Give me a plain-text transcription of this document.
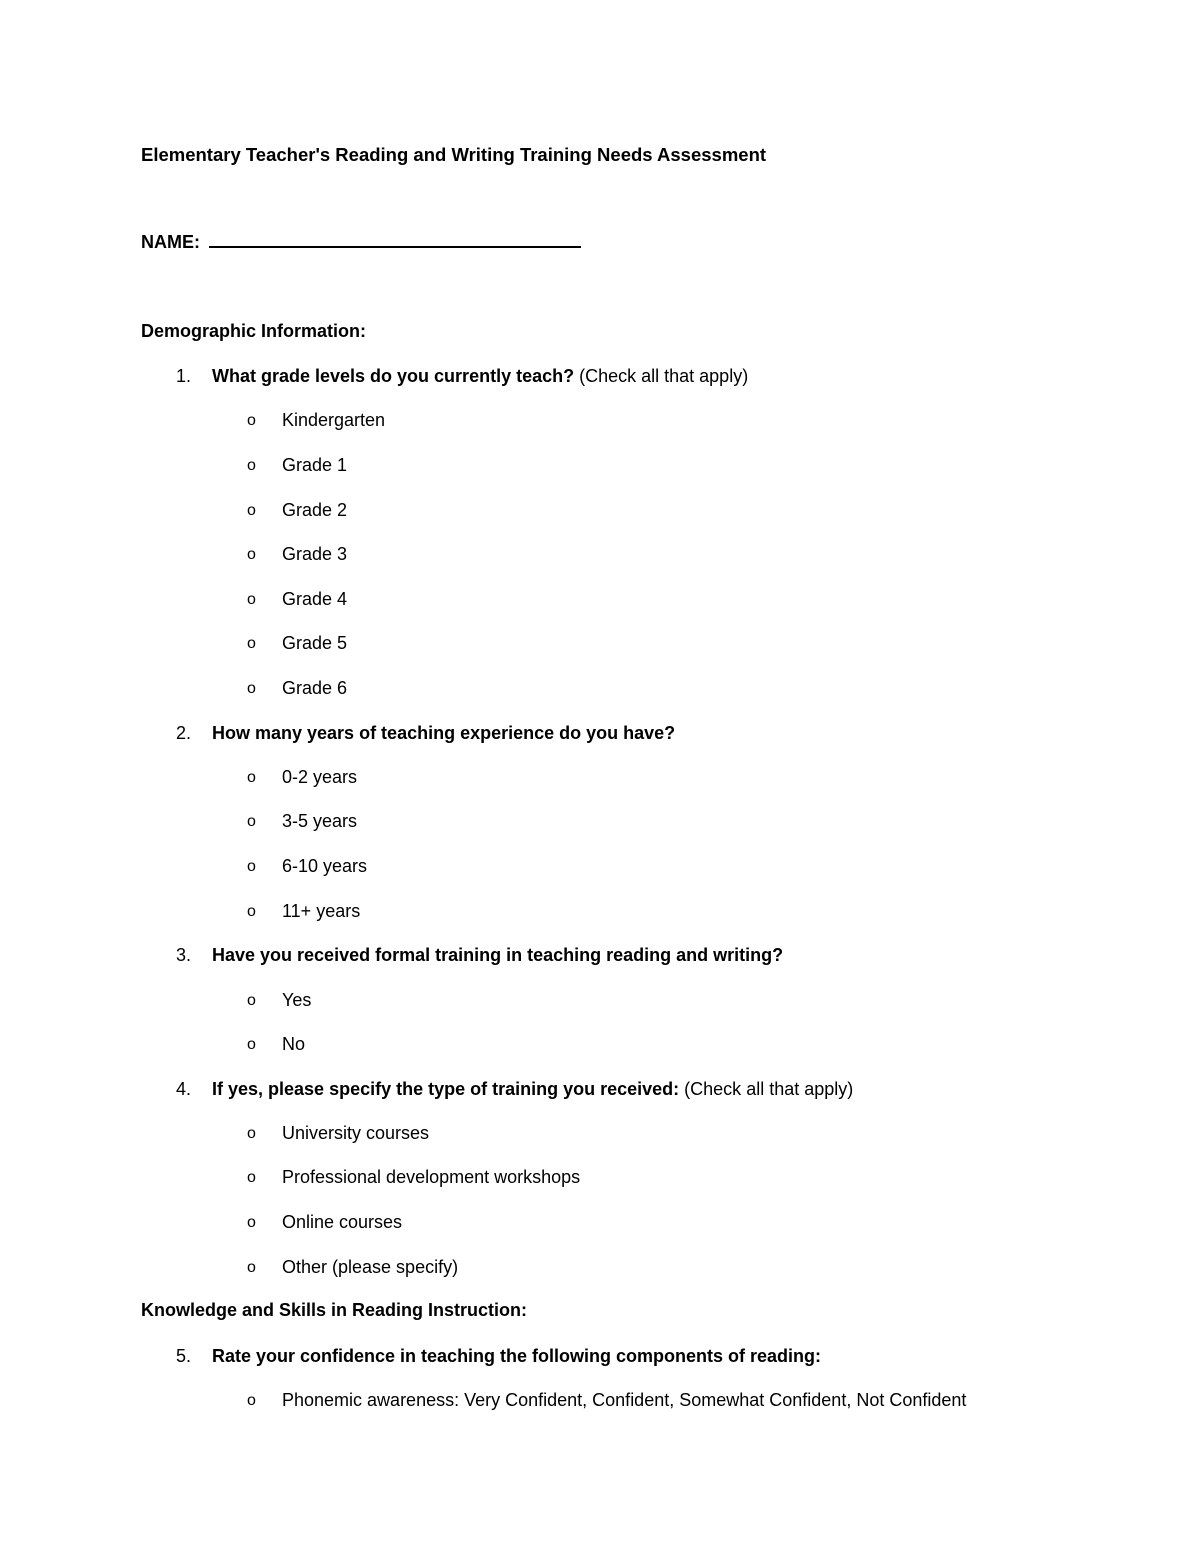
Elementary Teacher's Reading and Writing Training Needs Assessment
NAME:
Demographic Information:
1. What grade levels do you currently teach? (Check all that apply)
o Kindergarten
o Grade 1
o Grade 2
o Grade 3
o Grade 4
o Grade 5
o Grade 6
2. How many years of teaching experience do you have?
o 0-2 years
o 3-5 years
o 6-10 years
o 11+ years
3. Have you received formal training in teaching reading and writing?
o Yes
o No
4. If yes, please specify the type of training you received: (Check all that apply)
o University courses
o Professional development workshops
o Online courses
o Other (please specify)
Knowledge and Skills in Reading Instruction:
5. Rate your confidence in teaching the following components of reading:
o Phonemic awareness: Very Confident, Confident, Somewhat Confident, Not Confident
